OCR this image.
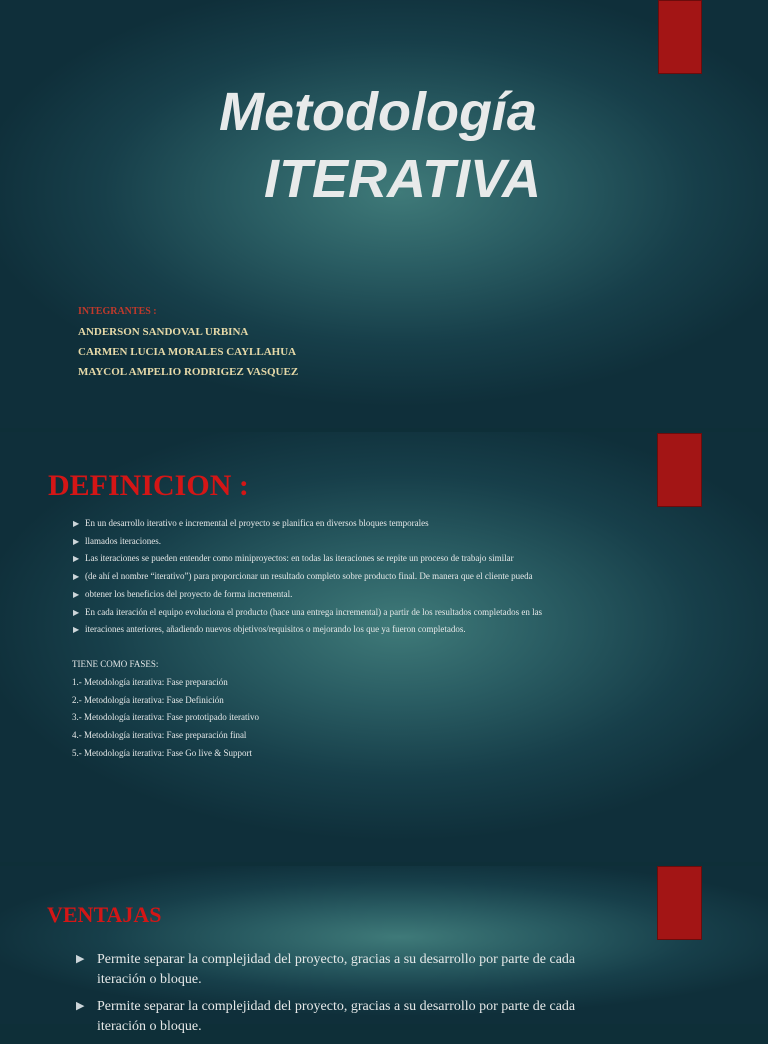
Metodología
ITERATIVA
INTEGRANTES :
ANDERSON SANDOVAL URBINA
CARMEN LUCIA MORALES CAYLLAHUA
MAYCOL AMPELIO RODRIGEZ VASQUEZ
DEFINICION :
▶ En un desarrollo iterativo e incremental el proyecto se planifica en diversos bloques temporales
▶ llamados iteraciones.
▶ Las iteraciones se pueden entender como miniproyectos: en todas las iteraciones se repite un proceso de trabajo similar
▶ (de ahí el nombre “iterativo”) para proporcionar un resultado completo sobre producto final. De manera que el cliente pueda
▶ obtener los beneficios del proyecto de forma incremental.
▶ En cada iteración el equipo evoluciona el producto (hace una entrega incremental) a partir de los resultados completados en las
▶ iteraciones anteriores, añadiendo nuevos objetivos/requisitos o mejorando los que ya fueron completados.
TIENE COMO FASES:
1.- Metodología iterativa: Fase preparación
2.- Metodología iterativa: Fase Definición
3.- Metodología iterativa: Fase prototipado iterativo
4.- Metodología iterativa: Fase preparación final
5.- Metodología iterativa: Fase Go live & Support
VENTAJAS
▶ Permite separar la complejidad del proyecto, gracias a su desarrollo por parte de cada iteración o bloque.
▶ Permite separar la complejidad del proyecto, gracias a su desarrollo por parte de cada iteración o bloque.
